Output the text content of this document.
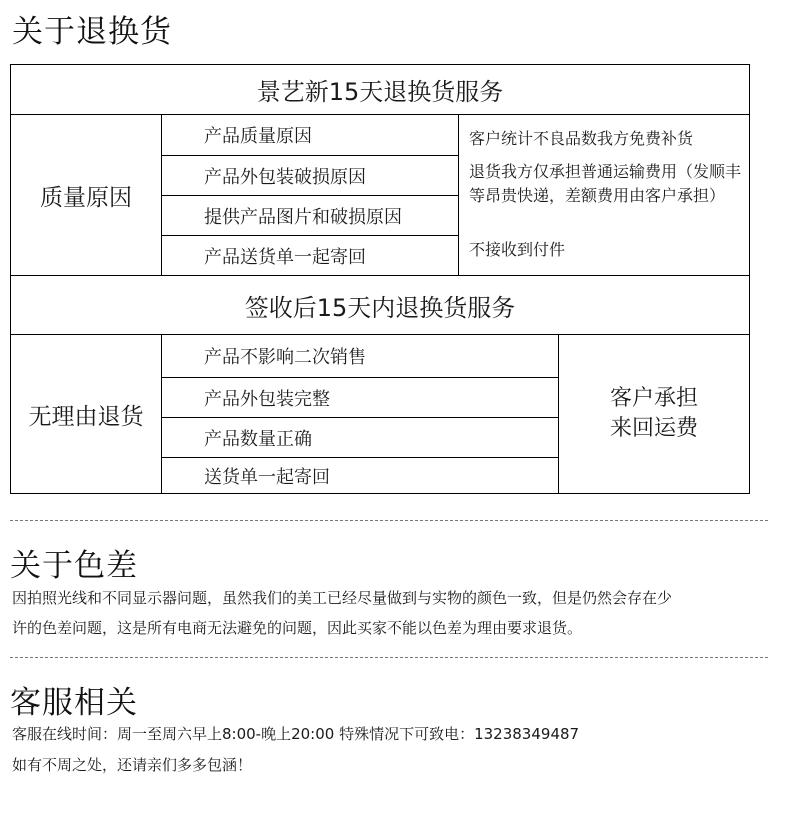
关于退换货
景艺新15天退换货服务
质量原因
产品质量原因
产品外包装破损原因
提供产品图片和破损原因
产品送货单一起寄回
客户统计不良品数我方免费补货
退货我方仅承担普通运输费用（发顺丰等昂贵快递，差额费用由客户承担）
不接收到付件
签收后15天内退换货服务
无理由退货
产品不影响二次销售
产品外包装完整
产品数量正确
送货单一起寄回
客户承担
来回运费
关于色差
因拍照光线和不同显示器问题，虽然我们的美工已经尽量做到与实物的颜色一致，但是仍然会存在少
许的色差问题，这是所有电商无法避免的问题，因此买家不能以色差为理由要求退货。
客服相关
客服在线时间：周一至周六早上8:00-晚上20:00 特殊情况下可致电：13238349487
如有不周之处，还请亲们多多包涵！
